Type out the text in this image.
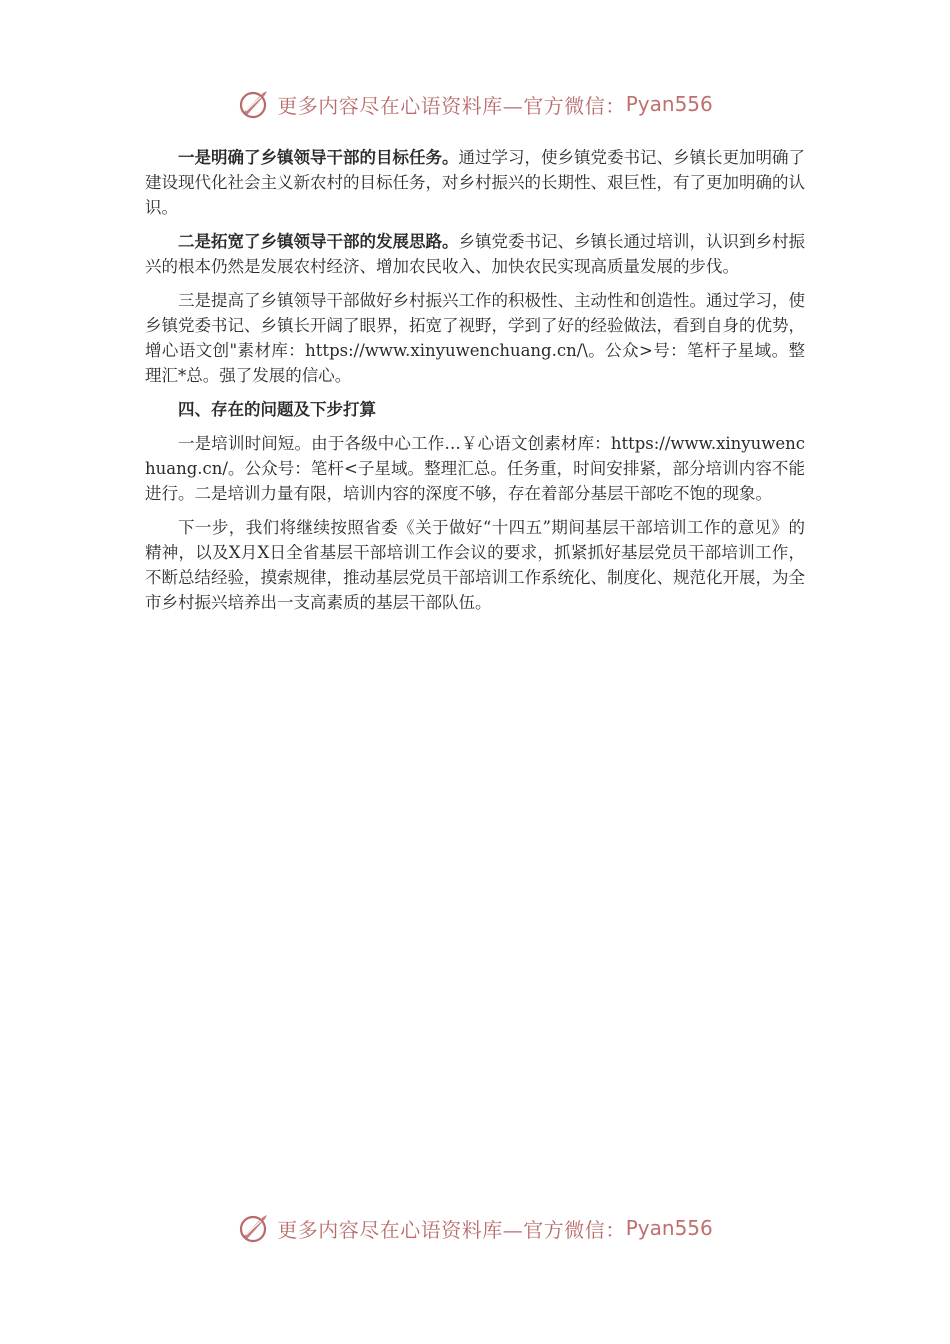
更多内容尽在心语资料库—官方微信： Pyan556

一是明确了乡镇领导干部的目标任务。通过学习，使乡镇党委书记、乡镇长更加明确了建设现代化社会主义新农村的目标任务，对乡村振兴的长期性、艰巨性，有了更加明确的认识。

二是拓宽了乡镇领导干部的发展思路。乡镇党委书记、乡镇长通过培训，认识到乡村振兴的根本仍然是发展农村经济、增加农民收入、加快农民实现高质量发展的步伐。

三是提高了乡镇领导干部做好乡村振兴工作的积极性、主动性和创造性。通过学习，使乡镇党委书记、乡镇长开阔了眼界，拓宽了视野，学到了好的经验做法，看到自身的优势，增心语文创"素材库：https://www.xinyuwenchuang.cn/\。公众>号：笔杆子星域。整理汇*总。强了发展的信心。

四、存在的问题及下步打算

一是培训时间短。由于各级中心工作…￥心语文创素材库：https://www.xinyuwenchuang.cn/。公众号：笔杆<子星域。整理汇总。任务重，时间安排紧，部分培训内容不能进行。二是培训力量有限，培训内容的深度不够，存在着部分基层干部吃不饱的现象。

下一步，我们将继续按照省委《关于做好“十四五”期间基层干部培训工作的意见》的精神，以及X月X日全省基层干部培训工作会议的要求，抓紧抓好基层党员干部培训工作，不断总结经验，摸索规律，推动基层党员干部培训工作系统化、制度化、规范化开展，为全市乡村振兴培养出一支高素质的基层干部队伍。

更多内容尽在心语资料库—官方微信： Pyan556
